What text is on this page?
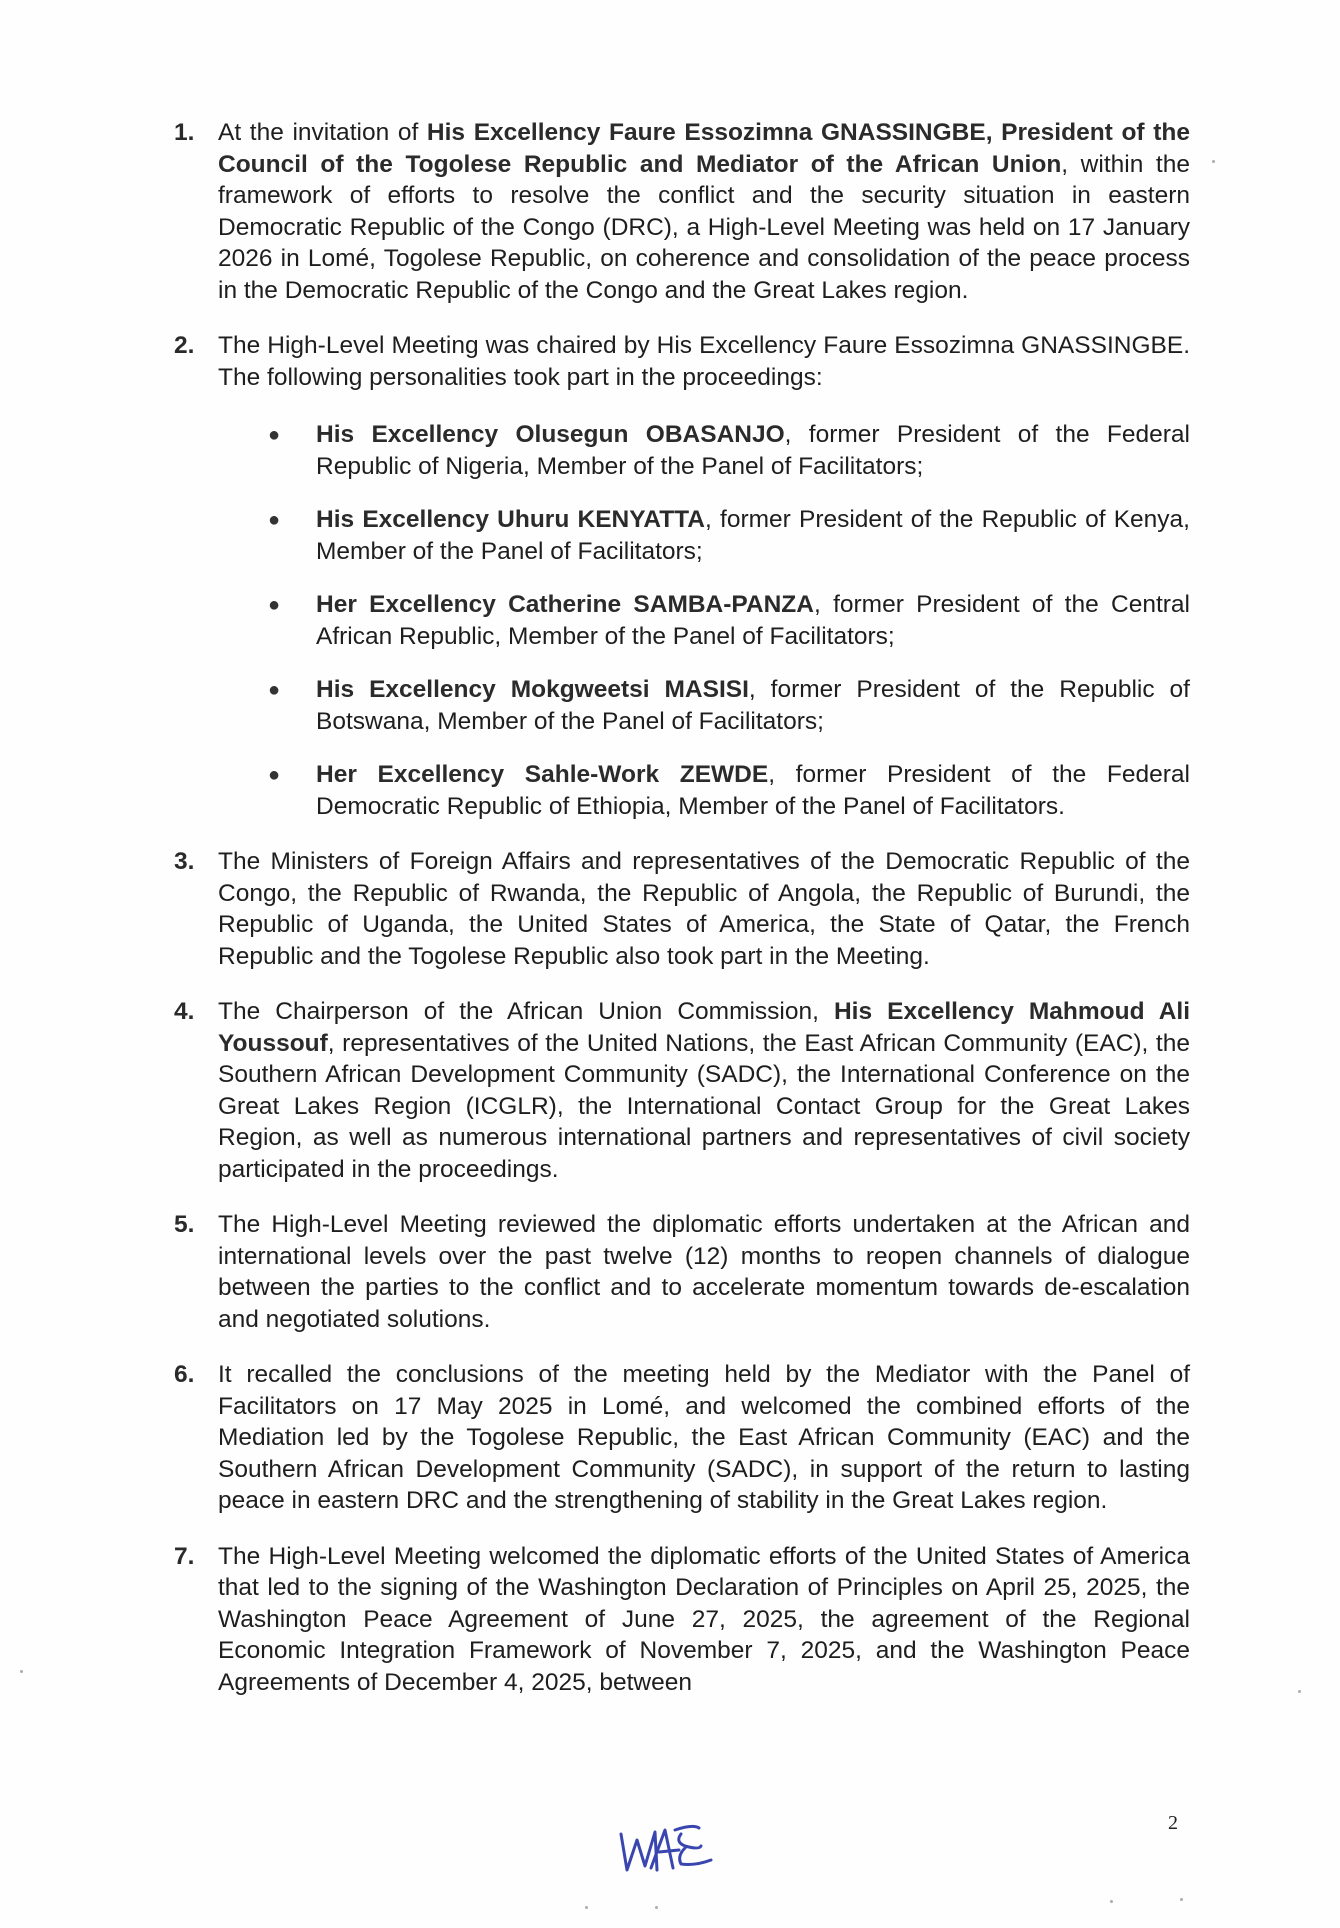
1. At the invitation of His Excellency Faure Essozimna GNASSINGBE, President of the Council of the Togolese Republic and Mediator of the African Union, within the framework of efforts to resolve the conflict and the security situation in eastern Democratic Republic of the Congo (DRC), a High-Level Meeting was held on 17 January 2026 in Lomé, Togolese Republic, on coherence and consolidation of the peace process in the Democratic Republic of the Congo and the Great Lakes region.
2. The High-Level Meeting was chaired by His Excellency Faure Essozimna GNASSINGBE. The following personalities took part in the proceedings:
●	His Excellency Olusegun OBASANJO, former President of the Federal Republic of Nigeria, Member of the Panel of Facilitators;
●	His Excellency Uhuru KENYATTA, former President of the Republic of Kenya, Member of the Panel of Facilitators;
●	Her Excellency Catherine SAMBA-PANZA, former President of the Central African Republic, Member of the Panel of Facilitators;
●	His Excellency Mokgweetsi MASISI, former President of the Republic of Botswana, Member of the Panel of Facilitators;
●	Her Excellency Sahle-Work ZEWDE, former President of the Federal Democratic Republic of Ethiopia, Member of the Panel of Facilitators.
3. The Ministers of Foreign Affairs and representatives of the Democratic Republic of the Congo, the Republic of Rwanda, the Republic of Angola, the Republic of Burundi, the Republic of Uganda, the United States of America, the State of Qatar, the French Republic and the Togolese Republic also took part in the Meeting.
4. The Chairperson of the African Union Commission, His Excellency Mahmoud Ali Youssouf, representatives of the United Nations, the East African Community (EAC), the Southern African Development Community (SADC), the International Conference on the Great Lakes Region (ICGLR), the International Contact Group for the Great Lakes Region, as well as numerous international partners and representatives of civil society participated in the proceedings.
5. The High-Level Meeting reviewed the diplomatic efforts undertaken at the African and international levels over the past twelve (12) months to reopen channels of dialogue between the parties to the conflict and to accelerate momentum towards de-escalation and negotiated solutions.
6. It recalled the conclusions of the meeting held by the Mediator with the Panel of Facilitators on 17 May 2025 in Lomé, and welcomed the combined efforts of the Mediation led by the Togolese Republic, the East African Community (EAC) and the Southern African Development Community (SADC), in support of the return to lasting peace in eastern DRC and the strengthening of stability in the Great Lakes region.
7. The High-Level Meeting welcomed the diplomatic efforts of the United States of America that led to the signing of the Washington Declaration of Principles on April 25, 2025, the Washington Peace Agreement of June 27, 2025, the agreement of the Regional Economic Integration Framework of November 7, 2025, and the Washington Peace Agreements of December 4, 2025, between
2
